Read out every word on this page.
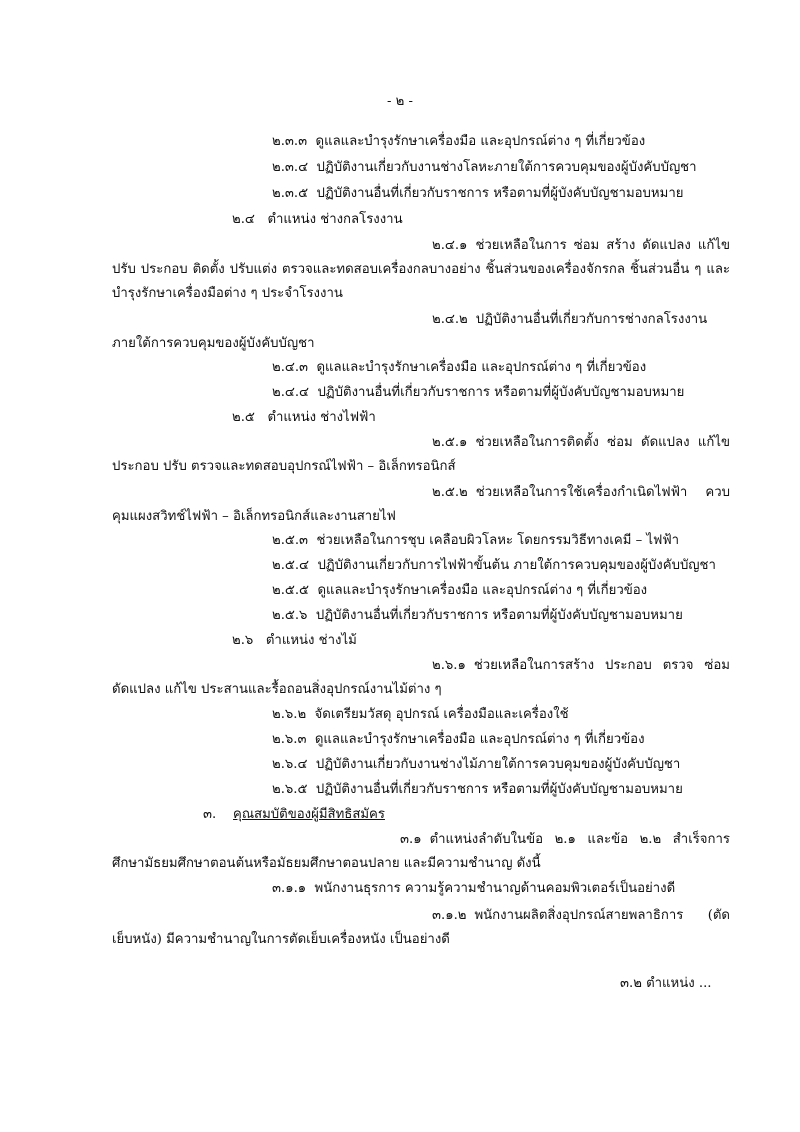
- ๒ -
๒.๓.๓ ดูแลและบำรุงรักษาเครื่องมือ และอุปกรณ์ต่าง ๆ ที่เกี่ยวข้อง
๒.๓.๔ ปฏิบัติงานเกี่ยวกับงานช่างโลหะภายใต้การควบคุมของผู้บังคับบัญชา
๒.๓.๕ ปฏิบัติงานอื่นที่เกี่ยวกับราชการ หรือตามที่ผู้บังคับบัญชามอบหมาย
๒.๔ ตำแหน่ง ช่างกลโรงงาน
๒.๔.๑ ช่วยเหลือในการ ซ่อม สร้าง ดัดแปลง แก้ไข ปรับ ประกอบ ติดตั้ง ปรับแต่ง ตรวจและทดสอบเครื่องกลบางอย่าง ชิ้นส่วนของเครื่องจักรกล ชิ้นส่วนอื่น ๆ และบำรุงรักษาเครื่องมือต่าง ๆ ประจำโรงงาน
๒.๔.๒ ปฏิบัติงานอื่นที่เกี่ยวกับการช่างกลโรงงานภายใต้การควบคุมของผู้บังคับบัญชา
๒.๔.๓ ดูแลและบำรุงรักษาเครื่องมือ และอุปกรณ์ต่าง ๆ ที่เกี่ยวข้อง
๒.๔.๔ ปฏิบัติงานอื่นที่เกี่ยวกับราชการ หรือตามที่ผู้บังคับบัญชามอบหมาย
๒.๕ ตำแหน่ง ช่างไฟฟ้า
๒.๕.๑ ช่วยเหลือในการติดตั้ง ซ่อม ดัดแปลง แก้ไข ประกอบ ปรับ ตรวจและทดสอบอุปกรณ์ไฟฟ้า – อิเล็กทรอนิกส์
๒.๕.๒ ช่วยเหลือในการใช้เครื่องกำเนิดไฟฟ้า ควบคุมแผงสวิทช์ไฟฟ้า – อิเล็กทรอนิกส์และงานสายไฟ
๒.๕.๓ ช่วยเหลือในการชุบ เคลือบผิวโลหะ โดยกรรมวิธีทางเคมี – ไฟฟ้า
๒.๕.๔ ปฏิบัติงานเกี่ยวกับการไฟฟ้าขั้นต้น ภายใต้การควบคุมของผู้บังคับบัญชา
๒.๕.๕ ดูแลและบำรุงรักษาเครื่องมือ และอุปกรณ์ต่าง ๆ ที่เกี่ยวข้อง
๒.๕.๖ ปฏิบัติงานอื่นที่เกี่ยวกับราชการ หรือตามที่ผู้บังคับบัญชามอบหมาย
๒.๖ ตำแหน่ง ช่างไม้
๒.๖.๑ ช่วยเหลือในการสร้าง ประกอบ ตรวจ ซ่อม ดัดแปลง แก้ไข ประสานและรื้อถอนสิ่งอุปกรณ์งานไม้ต่าง ๆ
๒.๖.๒ จัดเตรียมวัสดุ อุปกรณ์ เครื่องมือและเครื่องใช้
๒.๖.๓ ดูแลและบำรุงรักษาเครื่องมือ และอุปกรณ์ต่าง ๆ ที่เกี่ยวข้อง
๒.๖.๔ ปฏิบัติงานเกี่ยวกับงานช่างไม้ภายใต้การควบคุมของผู้บังคับบัญชา
๒.๖.๕ ปฏิบัติงานอื่นที่เกี่ยวกับราชการ หรือตามที่ผู้บังคับบัญชามอบหมาย
๓. คุณสมบัติของผู้มีสิทธิสมัคร
๓.๑ ตำแหน่งลำดับในข้อ ๒.๑ และข้อ ๒.๒ สำเร็จการศึกษามัธยมศึกษาตอนต้นหรือมัธยมศึกษาตอนปลาย และมีความชำนาญ ดังนี้
๓.๑.๑ พนักงานธุรการ ความรู้ความชำนาญด้านคอมพิวเตอร์เป็นอย่างดี
๓.๑.๒ พนักงานผลิตสิ่งอุปกรณ์สายพลาธิการ (ตัดเย็บหนัง) มีความชำนาญในการตัดเย็บเครื่องหนัง เป็นอย่างดี
๓.๒ ตำแหน่ง ...
